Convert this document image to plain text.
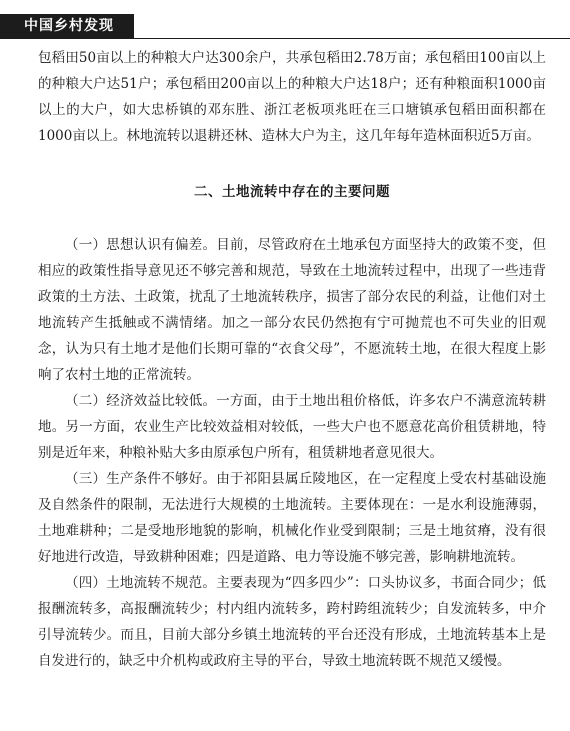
中国乡村发现

包稻田50亩以上的种粮大户达300余户，共承包稻田2.78万亩；承包稻田100亩以上的种粮大户达51户；承包稻田200亩以上的种粮大户达18户；还有种粮面积1000亩以上的大户，如大忠桥镇的邓东胜、浙江老板项兆旺在三口塘镇承包稻田面积都在1000亩以上。林地流转以退耕还林、造林大户为主，这几年每年造林面积近5万亩。

二、土地流转中存在的主要问题

（一）思想认识有偏差。目前，尽管政府在土地承包方面坚持大的政策不变，但相应的政策性指导意见还不够完善和规范，导致在土地流转过程中，出现了一些违背政策的土方法、土政策，扰乱了土地流转秩序，损害了部分农民的利益，让他们对土地流转产生抵触或不满情绪。加之一部分农民仍然抱有宁可抛荒也不可失业的旧观念，认为只有土地才是他们长期可靠的“衣食父母”，不愿流转土地，在很大程度上影响了农村土地的正常流转。

（二）经济效益比较低。一方面，由于土地出租价格低，许多农户不满意流转耕地。另一方面，农业生产比较效益相对较低，一些大户也不愿意花高价租赁耕地，特别是近年来，种粮补贴大多由原承包户所有，租赁耕地者意见很大。

（三）生产条件不够好。由于祁阳县属丘陵地区，在一定程度上受农村基础设施及自然条件的限制，无法进行大规模的土地流转。主要体现在：一是水利设施薄弱，土地难耕种；二是受地形地貌的影响，机械化作业受到限制；三是土地贫瘠，没有很好地进行改造，导致耕种困难；四是道路、电力等设施不够完善，影响耕地流转。

（四）土地流转不规范。主要表现为“四多四少”：口头协议多，书面合同少；低报酬流转多，高报酬流转少；村内组内流转多，跨村跨组流转少；自发流转多，中介引导流转少。而且，目前大部分乡镇土地流转的平台还没有形成，土地流转基本上是自发进行的，缺乏中介机构或政府主导的平台，导致土地流转既不规范又缓慢。
